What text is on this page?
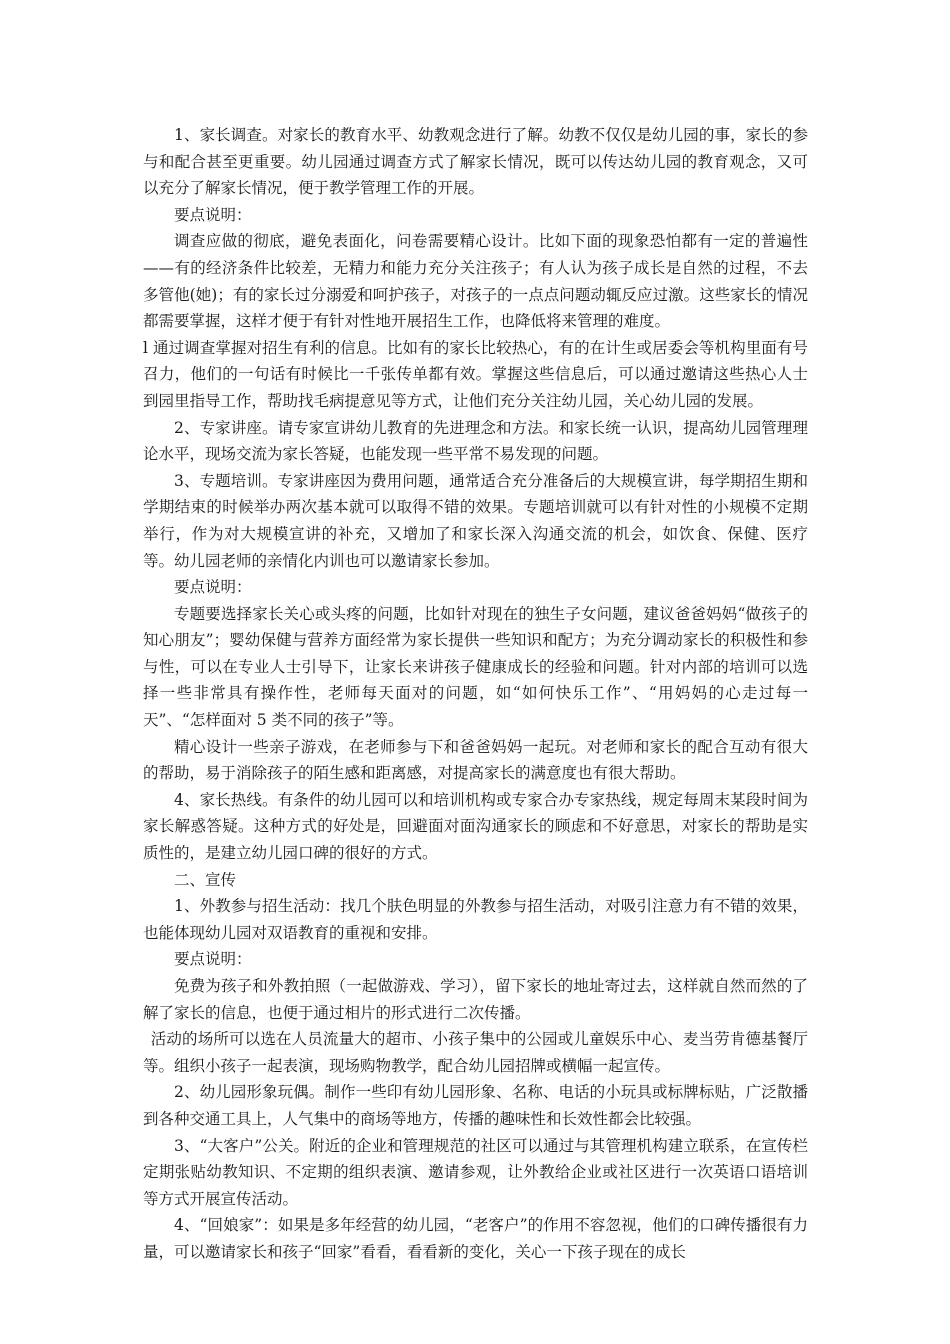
1、家长调查。对家长的教育水平、幼教观念进行了解。幼教不仅仅是幼儿园的事，家长的参与和配合甚至更重要。幼儿园通过调查方式了解家长情况，既可以传达幼儿园的教育观念，又可以充分了解家长情况，便于教学管理工作的开展。

要点说明：

调查应做的彻底，避免表面化，问卷需要精心设计。比如下面的现象恐怕都有一定的普遍性——有的经济条件比较差，无精力和能力充分关注孩子；有人认为孩子成长是自然的过程，不去多管他(她)；有的家长过分溺爱和呵护孩子，对孩子的一点点问题动辄反应过激。这些家长的情况都需要掌握，这样才便于有针对性地开展招生工作，也降低将来管理的难度。

l 通过调查掌握对招生有利的信息。比如有的家长比较热心，有的在计生或居委会等机构里面有号召力，他们的一句话有时候比一千张传单都有效。掌握这些信息后，可以通过邀请这些热心人士到园里指导工作，帮助找毛病提意见等方式，让他们充分关注幼儿园，关心幼儿园的发展。

2、专家讲座。请专家宣讲幼儿教育的先进理念和方法。和家长统一认识，提高幼儿园管理理论水平，现场交流为家长答疑，也能发现一些平常不易发现的问题。

3、专题培训。专家讲座因为费用问题，通常适合充分准备后的大规模宣讲，每学期招生期和学期结束的时候举办两次基本就可以取得不错的效果。专题培训就可以有针对性的小规模不定期举行，作为对大规模宣讲的补充，又增加了和家长深入沟通交流的机会，如饮食、保健、医疗等。幼儿园老师的亲情化内训也可以邀请家长参加。

要点说明：

专题要选择家长关心或头疼的问题，比如针对现在的独生子女问题，建议爸爸妈妈“做孩子的知心朋友”；婴幼保健与营养方面经常为家长提供一些知识和配方；为充分调动家长的积极性和参与性，可以在专业人士引导下，让家长来讲孩子健康成长的经验和问题。针对内部的培训可以选择一些非常具有操作性，老师每天面对的问题，如“如何快乐工作”、“用妈妈的心走过每一天”、“怎样面对 5 类不同的孩子”等。

精心设计一些亲子游戏，在老师参与下和爸爸妈妈一起玩。对老师和家长的配合互动有很大的帮助，易于消除孩子的陌生感和距离感，对提高家长的满意度也有很大帮助。

4、家长热线。有条件的幼儿园可以和培训机构或专家合办专家热线，规定每周末某段时间为家长解惑答疑。这种方式的好处是，回避面对面沟通家长的顾虑和不好意思，对家长的帮助是实质性的，是建立幼儿园口碑的很好的方式。

二、宣传

1、外教参与招生活动：找几个肤色明显的外教参与招生活动，对吸引注意力有不错的效果，也能体现幼儿园对双语教育的重视和安排。

要点说明：

免费为孩子和外教拍照（一起做游戏、学习），留下家长的地址寄过去，这样就自然而然的了解了家长的信息，也便于通过相片的形式进行二次传播。

活动的场所可以选在人员流量大的超市、小孩子集中的公园或儿童娱乐中心、麦当劳肯德基餐厅等。组织小孩子一起表演，现场购物教学，配合幼儿园招牌或横幅一起宣传。

2、幼儿园形象玩偶。制作一些印有幼儿园形象、名称、电话的小玩具或标牌标贴，广泛散播到各种交通工具上，人气集中的商场等地方，传播的趣味性和长效性都会比较强。

3、“大客户”公关。附近的企业和管理规范的社区可以通过与其管理机构建立联系，在宣传栏定期张贴幼教知识、不定期的组织表演、邀请参观，让外教给企业或社区进行一次英语口语培训等方式开展宣传活动。

4、“回娘家”：如果是多年经营的幼儿园，“老客户”的作用不容忽视，他们的口碑传播很有力量，可以邀请家长和孩子“回家”看看，看看新的变化，关心一下孩子现在的成长
